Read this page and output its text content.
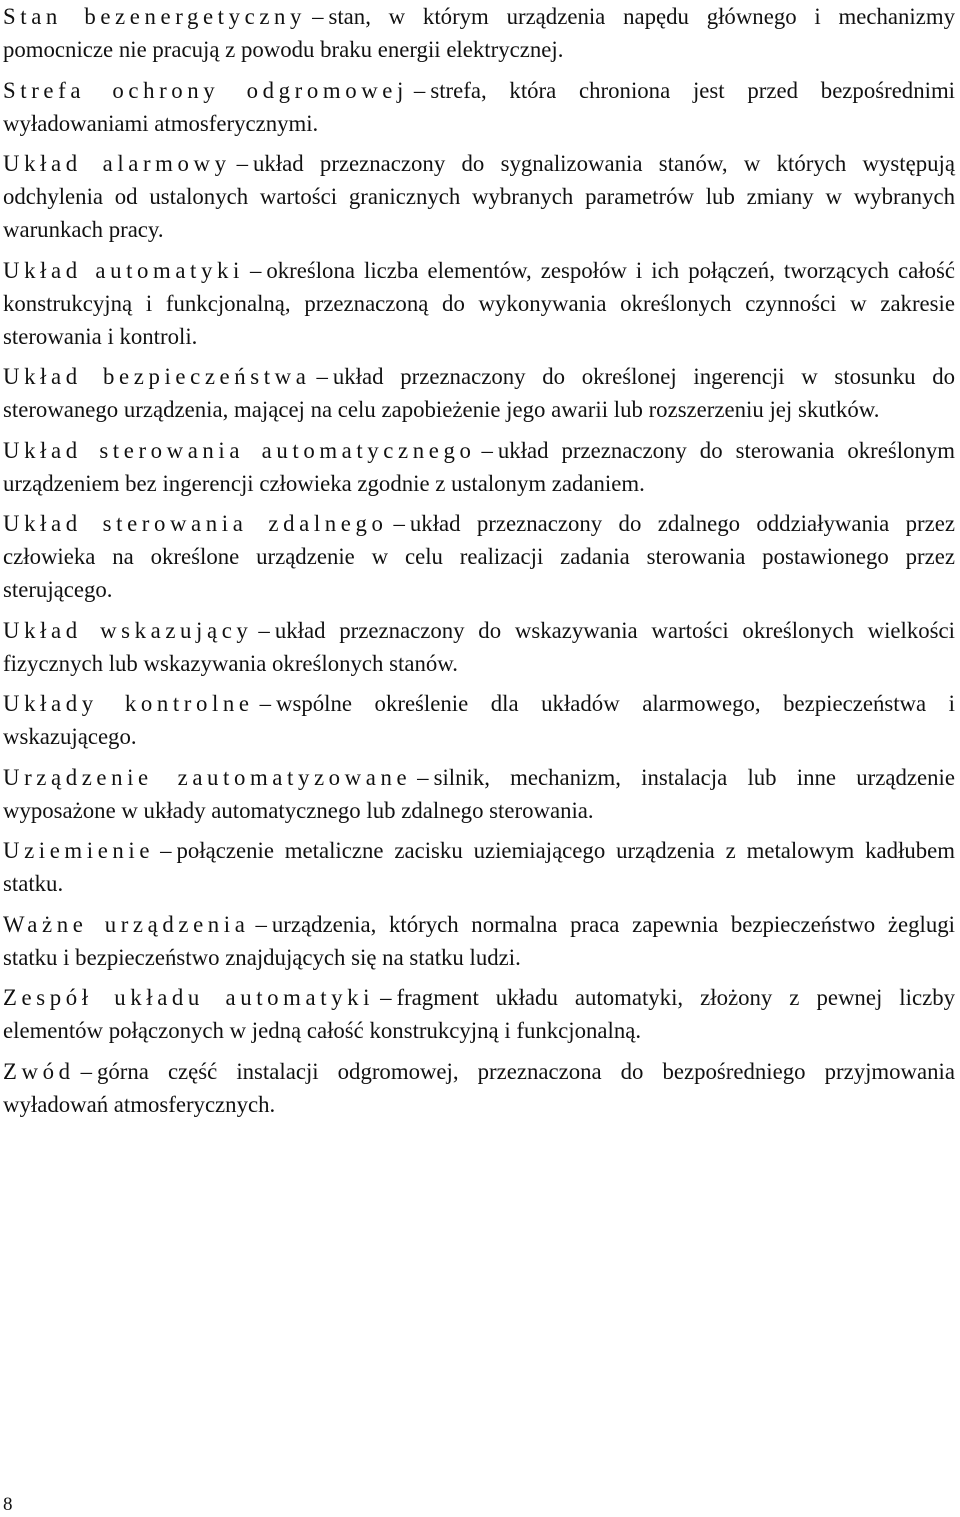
Stan bezenergetyczny – stan, w którym urządzenia napędu głównego i mechanizmy pomocnicze nie pracują z powodu braku energii elektrycznej.

Strefa ochrony odgromowej – strefa, która chroniona jest przed bezpośrednimi wyładowaniami atmosferycznymi.

Układ alarmowy – układ przeznaczony do sygnalizowania stanów, w których występują odchylenia od ustalonych wartości granicznych wybranych parametrów lub zmiany w wybranych warunkach pracy.

Układ automatyki – określona liczba elementów, zespołów i ich połączeń, tworzących całość konstrukcyjną i funkcjonalną, przeznaczoną do wykonywania określonych czynności w zakresie sterowania i kontroli.

Układ bezpieczeństwa – układ przeznaczony do określonej ingerencji w stosunku do sterowanego urządzenia, mającej na celu zapobieżenie jego awarii lub rozszerzeniu jej skutków.

Układ sterowania automatycznego – układ przeznaczony do sterowania określonym urządzeniem bez ingerencji człowieka zgodnie z ustalonym zadaniem.

Układ sterowania zdalnego – układ przeznaczony do zdalnego oddziaływania przez człowieka na określone urządzenie w celu realizacji zadania sterowania postawionego przez sterującego.

Układ wskazujący – układ przeznaczony do wskazywania wartości określonych wielkości fizycznych lub wskazywania określonych stanów.

Układy kontrolne – wspólne określenie dla układów alarmowego, bezpieczeństwa i wskazującego.

Urządzenie zautomatyzowane – silnik, mechanizm, instalacja lub inne urządzenie wyposażone w układy automatycznego lub zdalnego sterowania.

Uziemienie – połączenie metaliczne zacisku uziemiającego urządzenia z metalowym kadłubem statku.

Ważne urządzenia – urządzenia, których normalna praca zapewnia bezpieczeństwo żeglugi statku i bezpieczeństwo znajdujących się na statku ludzi.

Zespół układu automatyki – fragment układu automatyki, złożony z pewnej liczby elementów połączonych w jedną całość konstrukcyjną i funkcjonalną.

Zwód – górna część instalacji odgromowej, przeznaczona do bezpośredniego przyjmowania wyładowań atmosferycznych.

8
